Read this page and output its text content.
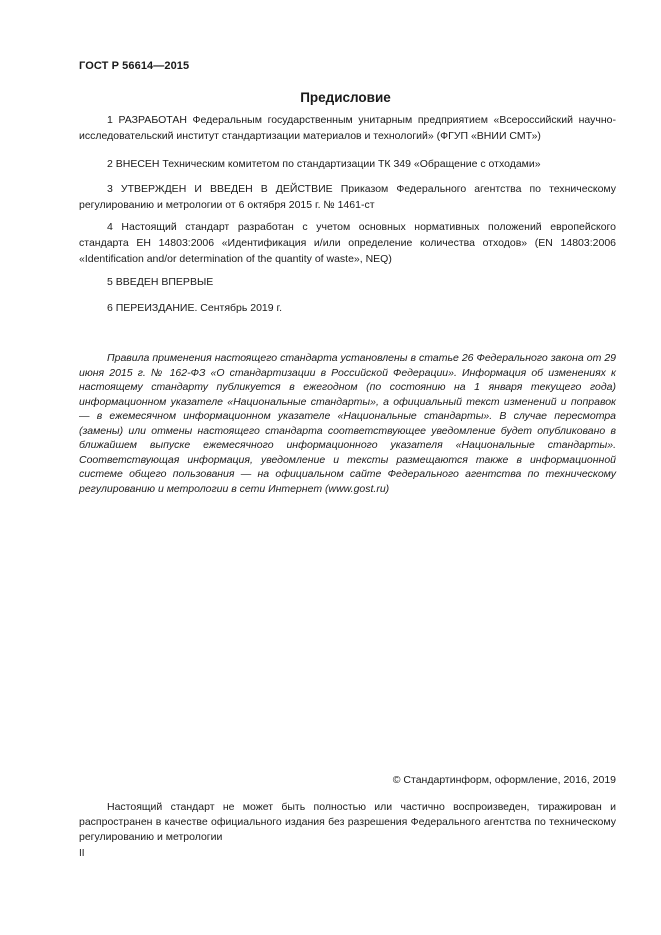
ГОСТ Р 56614—2015
Предисловие

1 РАЗРАБОТАН Федеральным государственным унитарным предприятием «Всероссийский научно-исследовательский институт стандартизации материалов и технологий» (ФГУП «ВНИИ СМТ»)

2 ВНЕСЕН Техническим комитетом по стандартизации ТК 349 «Обращение с отходами»

3 УТВЕРЖДЕН И ВВЕДЕН В ДЕЙСТВИЕ Приказом Федерального агентства по техническому регулированию и метрологии от 6 октября 2015 г. № 1461-ст

4 Настоящий стандарт разработан с учетом основных нормативных положений европейского стандарта ЕН 14803:2006 «Идентификация и/или определение количества отходов» (EN 14803:2006 «Identification and/or determination of the quantity of waste», NEQ)

5 ВВЕДЕН ВПЕРВЫЕ

6 ПЕРЕИЗДАНИЕ. Сентябрь 2019 г.

Правила применения настоящего стандарта установлены в статье 26 Федерального закона от 29 июня 2015 г. № 162-ФЗ «О стандартизации в Российской Федерации». Информация об изменениях к настоящему стандарту публикуется в ежегодном (по состоянию на 1 января текущего года) информационном указателе «Национальные стандарты», а официальный текст изменений и поправок — в ежемесячном информационном указателе «Национальные стандарты». В случае пересмотра (замены) или отмены настоящего стандарта соответствующее уведомление будет опубликовано в ближайшем выпуске ежемесячного информационного указателя «Национальные стандарты». Соответствующая информация, уведомление и тексты размещаются также в информационной системе общего пользования — на официальном сайте Федерального агентства по техническому регулированию и метрологии в сети Интернет (www.gost.ru)

© Стандартинформ, оформление, 2016, 2019

Настоящий стандарт не может быть полностью или частично воспроизведен, тиражирован и распространен в качестве официального издания без разрешения Федерального агентства по техническому регулированию и метрологии

II
